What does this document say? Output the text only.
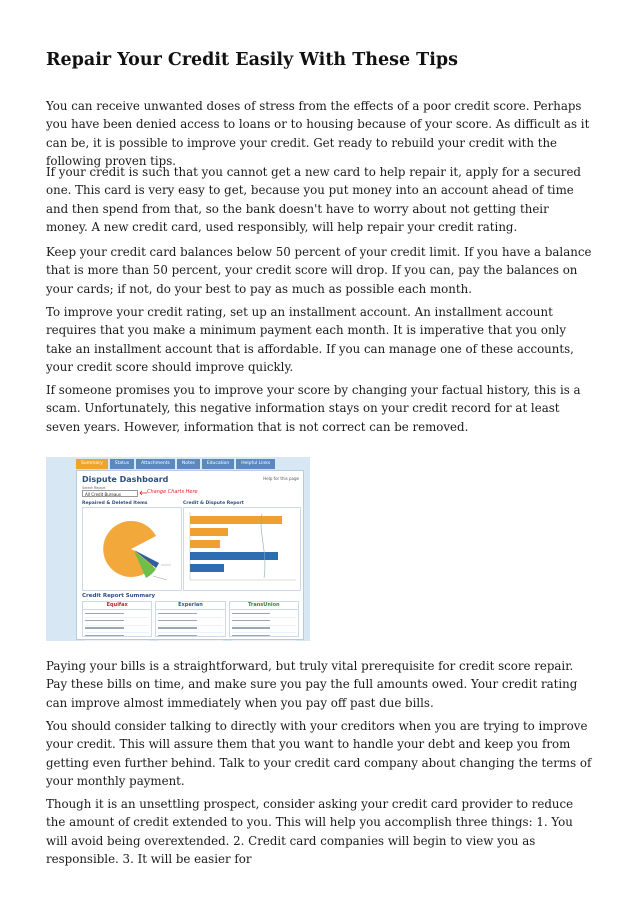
Repair Your Credit Easily With These Tips

You can receive unwanted doses of stress from the effects of a poor credit score. Perhaps you have been denied access to loans or to housing because of your score. As difficult as it can be, it is possible to improve your credit. Get ready to rebuild your credit with the following proven tips.

If your credit is such that you cannot get a new card to help repair it, apply for a secured one. This card is very easy to get, because you put money into an account ahead of time and then spend from that, so the bank doesn't have to worry about not getting their money. A new credit card, used responsibly, will help repair your credit rating.

Keep your credit card balances below 50 percent of your credit limit. If you have a balance that is more than 50 percent, your credit score will drop. If you can, pay the balances on your cards; if not, do your best to pay as much as possible each month.

To improve your credit rating, set up an installment account. An installment account requires that you make a minimum payment each month. It is imperative that you only take an installment account that is affordable. If you can manage one of these accounts, your credit score should improve quickly.

If someone promises you to improve your score by changing your factual history, this is a scam. Unfortunately, this negative information stays on your credit record for at least seven years. However, information that is not correct can be removed.

Summary	Status	Attachments	Notes	Education	Helpful Links
Dispute Dashboard	Help for this page
Select Report
All Credit Bureaus	Change Charts Here
Repaired & Deleted Items	Credit & Dispute Report
Credit Report Summary
Equifax	Experian	TransUnion

Paying your bills is a straightforward, but truly vital prerequisite for credit score repair. Pay these bills on time, and make sure you pay the full amounts owed. Your credit rating can improve almost immediately when you pay off past due bills.

You should consider talking to directly with your creditors when you are trying to improve your credit. This will assure them that you want to handle your debt and keep you from getting even further behind. Talk to your credit card company about changing the terms of your monthly payment.

Though it is an unsettling prospect, consider asking your credit card provider to reduce the amount of credit extended to you. This will help you accomplish three things: 1. You will avoid being overextended. 2. Credit card companies will begin to view you as responsible. 3. It will be easier for
